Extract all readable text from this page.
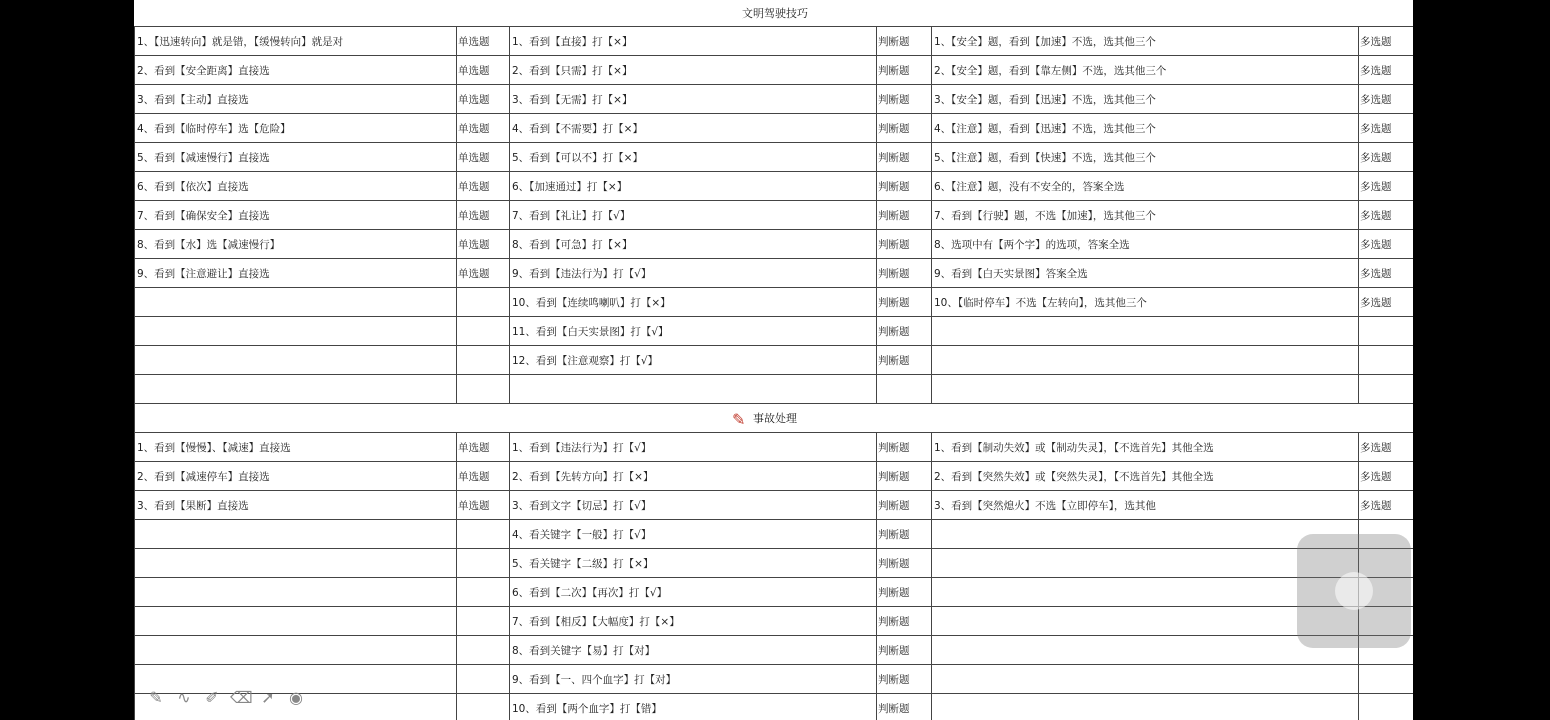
文明驾驶技巧					
1、【迅速转向】就是错，【缓慢转向】就是对	单选题	1、看到【直接】打【×】	判断题	1、【安全】题，看到【加速】不选，选其他三个	多选题
2、看到【安全距离】直接选	单选题	2、看到【只需】打【×】	判断题	2、【安全】题，看到【靠左侧】不选，选其他三个	多选题
3、看到【主动】直接选	单选题	3、看到【无需】打【×】	判断题	3、【安全】题，看到【迅速】不选，选其他三个	多选题
4、看到【临时停车】选【危险】	单选题	4、看到【不需要】打【×】	判断题	4、【注意】题，看到【迅速】不选，选其他三个	多选题
5、看到【减速慢行】直接选	单选题	5、看到【可以不】打【×】	判断题	5、【注意】题，看到【快速】不选，选其他三个	多选题
6、看到【依次】直接选	单选题	6、【加速通过】打【×】	判断题	6、【注意】题，没有不安全的，答案全选	多选题
7、看到【确保安全】直接选	单选题	7、看到【礼让】打【√】	判断题	7、看到【行驶】题，不选【加速】，选其他三个	多选题
8、看到【水】选【减速慢行】	单选题	8、看到【可急】打【×】	判断题	8、选项中有【两个字】的选项，答案全选	多选题
9、看到【注意避让】直接选	单选题	9、看到【违法行为】打【√】	判断题	9、看到【白天实景图】答案全选	多选题
		10、看到【连续鸣喇叭】打【×】	判断题	10、【临时停车】不选【左转向】，选其他三个	多选题
		11、看到【白天实景图】打【√】	判断题		
		12、看到【注意观察】打【√】	判断题		

事故处理					
1、看到【慢慢】、【减速】直接选	单选题	1、看到【违法行为】打【√】	判断题	1、看到【制动失效】或【制动失灵】，【不选首先】其他全选	多选题
2、看到【减速停车】直接选	单选题	2、看到【先转方向】打【×】	判断题	2、看到【突然失效】或【突然失灵】，【不选首先】其他全选	多选题
3、看到【果断】直接选	单选题	3、看到文字【切忌】打【√】	判断题	3、看到【突然熄火】不选【立即停车】，选其他	多选题
		4、看关键字【一般】打【√】	判断题		
		5、看关键字【二级】打【×】	判断题		
		6、看到【二次】【再次】打【√】	判断题		
		7、看到【相反】【大幅度】打【×】	判断题		
		8、看到关键字【易】打【对】	判断题		
		9、看到【一、四个血字】打【对】	判断题		
		10、看到【两个血字】打【错】	判断题		
✎
✎ ∿ ✐ ⌫ ➚ ◉
